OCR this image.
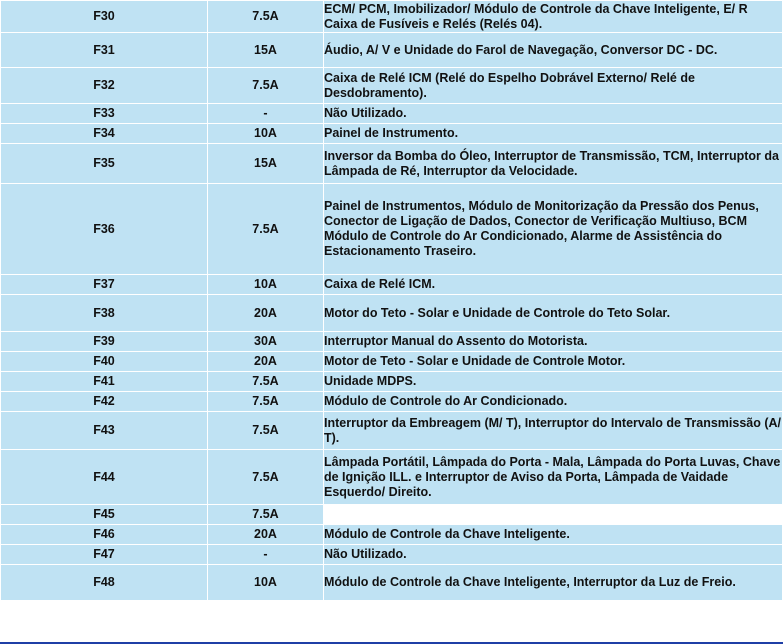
F30	7.5A	ECM/ PCM, Imobilizador/ Módulo de Controle da Chave Inteligente, E/ R Caixa de Fusíveis e Relés (Relés 04).
F31	15A	Áudio, A/ V e Unidade do Farol de Navegação, Conversor DC - DC.
F32	7.5A	Caixa de Relé ICM (Relé do Espelho Dobrável Externo/ Relé de Desdobramento).
F33	-	Não Utilizado.
F34	10A	Painel de Instrumento.
F35	15A	Inversor da Bomba do Óleo, Interruptor de Transmissão, TCM, Interruptor da Lâmpada de Ré, Interruptor da Velocidade.
F36	7.5A	Painel de Instrumentos, Módulo de Monitorização da Pressão dos Penus, Conector de Ligação de Dados, Conector de Verificação Multiuso, BCM Módulo de Controle do Ar Condicionado, Alarme de Assistência do Estacionamento Traseiro.
F37	10A	Caixa de Relé ICM.
F38	20A	Motor do Teto - Solar e Unidade de Controle do Teto Solar.
F39	30A	Interruptor Manual do Assento do Motorista.
F40	20A	Motor de Teto - Solar e Unidade de Controle Motor.
F41	7.5A	Unidade MDPS.
F42	7.5A	Módulo de Controle do Ar Condicionado.
F43	7.5A	Interruptor da Embreagem (M/ T), Interruptor do Intervalo de Transmissão (A/ T).
F44	7.5A	Lâmpada Portátil, Lâmpada do Porta - Mala, Lâmpada do Porta Luvas, Chave de Ignição ILL. e Interruptor de Aviso da Porta, Lâmpada de Vaidade Esquerdo/ Direito.
F45	7.5A	
F46	20A	Módulo de Controle da Chave Inteligente.
F47	-	Não Utilizado.
F48	10A	Módulo de Controle da Chave Inteligente, Interruptor da Luz de Freio.
